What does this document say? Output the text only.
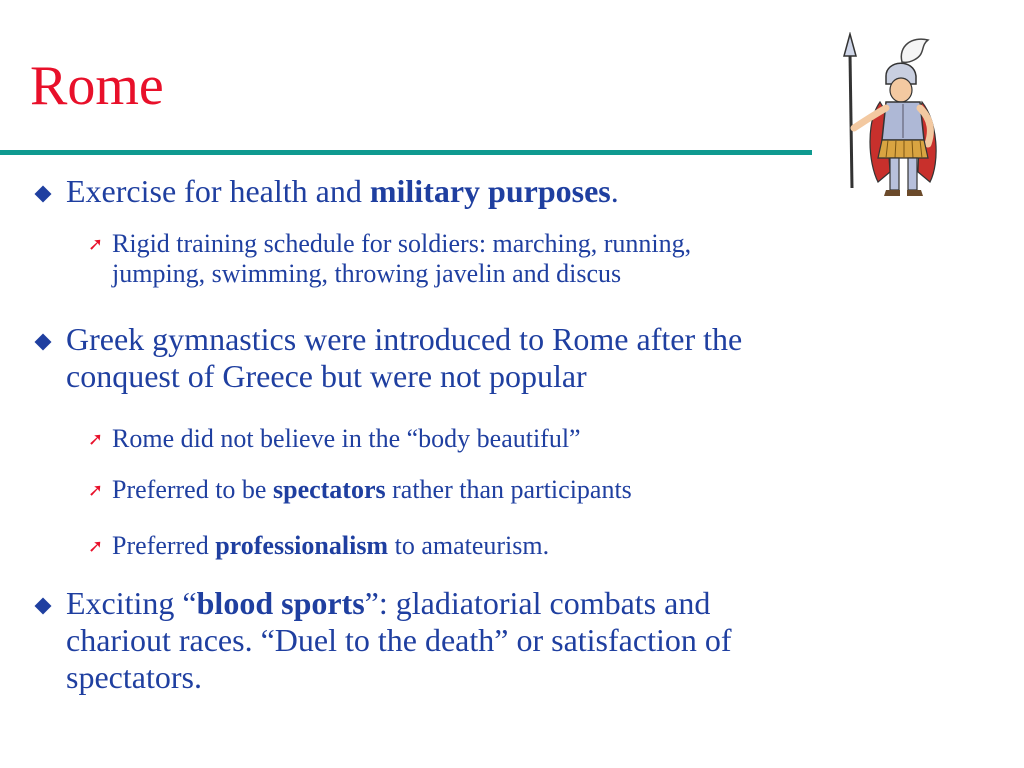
Rome

Exercise for health and military purposes.

➚ Rigid training schedule for soldiers: marching, running,
jumping, swimming, throwing javelin and discus

Greek gymnastics were introduced to Rome after the
conquest of Greece but were not popular

➚ Rome did not believe in the “body beautiful”

➚ Preferred to be spectators rather than participants

➚ Preferred professionalism to amateurism.

Exciting “blood sports”: gladiatorial combats and
chariout races. “Duel to the death” or satisfaction of
spectators.
